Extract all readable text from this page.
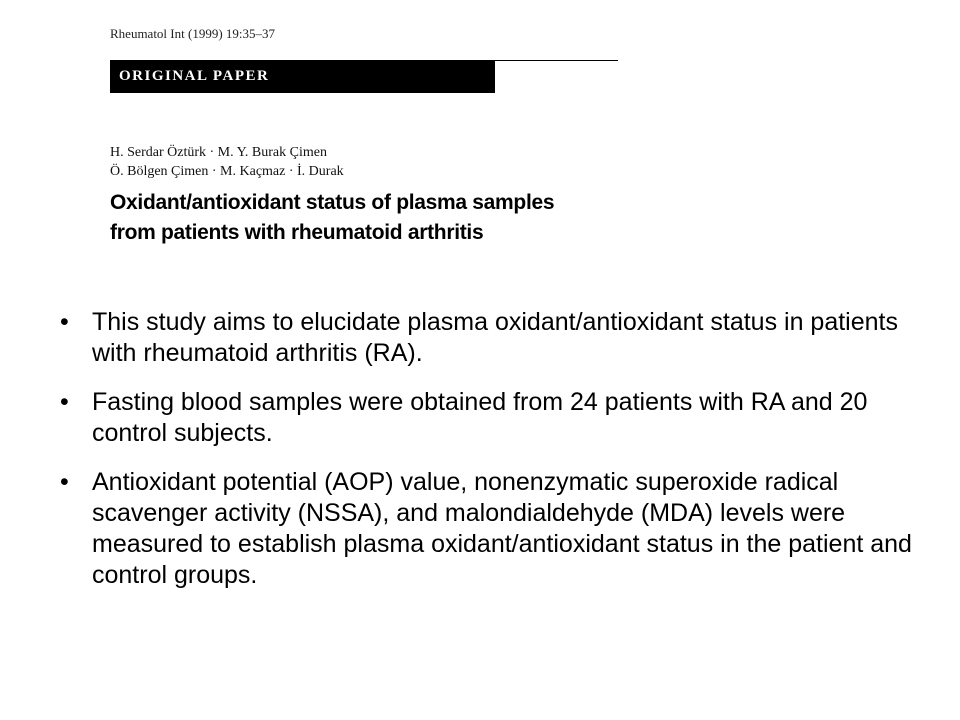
Rheumatol Int (1999) 19:35–37
ORIGINAL PAPER
H. Serdar Öztürk · M. Y. Burak Çimen
Ö. Bölgen Çimen · M. Kaçmaz · İ. Durak
Oxidant/antioxidant status of plasma samples
from patients with rheumatoid arthritis
• This study aims to elucidate plasma oxidant/antioxidant status in patients with rheumatoid arthritis (RA).
• Fasting blood samples were obtained from 24 patients with RA and 20 control subjects.
• Antioxidant potential (AOP) value, nonenzymatic superoxide radical scavenger activity (NSSA), and malondialdehyde (MDA) levels were measured to establish plasma oxidant/antioxidant status in the patient and control groups.
